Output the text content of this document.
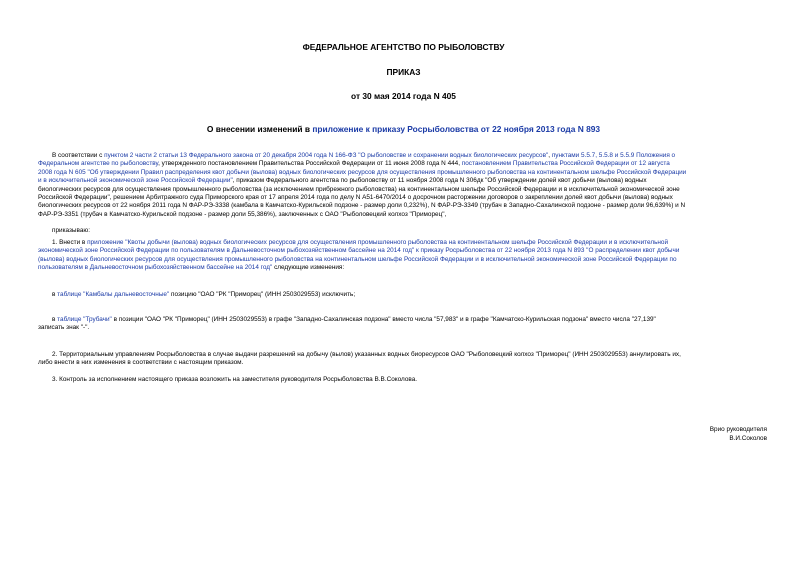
ФЕДЕРАЛЬНОЕ АГЕНТСТВО ПО РЫБОЛОВСТВУ
ПРИКАЗ
от 30 мая 2014 года N 405
О внесении изменений в приложение к приказу Росрыболовства от 22 ноября 2013 года N 893
В соответствии с пунктом 2 части 2 статьи 13 Федерального закона от 20 декабря 2004 года N 166-ФЗ "О рыболовстве и сохранении водных биологических ресурсов", пунктами 5.5.7, 5.5.8 и 5.5.9 Положения о
Федеральном агентстве по рыболовству, утвержденного постановлением Правительства Российской Федерации от 11 июня 2008 года N 444, постановлением Правительства Российской Федерации от 12 августа
2008 года N 605 "Об утверждении Правил распределения квот добычи (вылова) водных биологических ресурсов для осуществления промышленного рыболовства на континентальном шельфе Российской Федерации
и в исключительной экономической зоне Российской Федерации", приказом Федерального агентства по рыболовству от 11 ноября 2008 года N 306дк "Об утверждении долей квот добычи (вылова) водных
биологических ресурсов для осуществления промышленного рыболовства (за исключением прибрежного рыболовства) на континентальном шельфе Российской Федерации и в исключительной экономической зоне
Российской Федерации", решением Арбитражного суда Приморского края от 17 апреля 2014 года по делу N А51-6470/2014 о досрочном расторжении договоров о закреплении долей квот добычи (вылова) водных
биологических ресурсов от 22 ноября 2011 года N ФАР-РЭ-3338 (камбала в Камчатско-Курильской подзоне - размер доли 0,232%), N ФАР-РЭ-3349 (трубач в Западно-Сахалинской подзоне - размер доли 96,639%) и N
ФАР-РЭ-3351 (трубач в Камчатско-Курильской подзоне - размер доли 55,386%), заключенных с ОАО "Рыболовецкий колхоз "Приморец",
приказываю:
1. Внести в приложение "Квоты добычи (вылова) водных биологических ресурсов для осуществления промышленного рыболовства на континентальном шельфе Российской Федерации и в исключительной
экономической зоне Российской Федерации по пользователям в Дальневосточном рыбохозяйственном бассейне на 2014 год" к приказу Росрыболовства от 22 ноября 2013 года N 893 "О распределении квот добычи
(вылова) водных биологических ресурсов для осуществления промышленного рыболовства на континентальном шельфе Российской Федерации и в исключительной экономической зоне Российской Федерации по
пользователям в Дальневосточном рыбохозяйственном бассейне на 2014 год" следующие изменения:
в таблице "Камбалы дальневосточные" позицию "ОАО "РК "Приморец" (ИНН 2503029553) исключить;
в таблице "Трубачи" в позиции "ОАО "РК "Приморец" (ИНН 2503029553) в графе "Западно-Сахалинская подзона" вместо числа "57,983" и в графе "Камчатско-Курильская подзона" вместо числа "27,139"
записать знак "-".
2. Территориальным управлениям Росрыболовства в случае выдачи разрешений на добычу (вылов) указанных водных биоресурсов ОАО "Рыболовецкий колхоз "Приморец" (ИНН 2503029553) аннулировать их,
либо внести в них изменения в соответствии с настоящим приказом.
3. Контроль за исполнением настоящего приказа возложить на заместителя руководителя Росрыболовства В.В.Соколова.
Врио руководителя
В.И.Соколов
